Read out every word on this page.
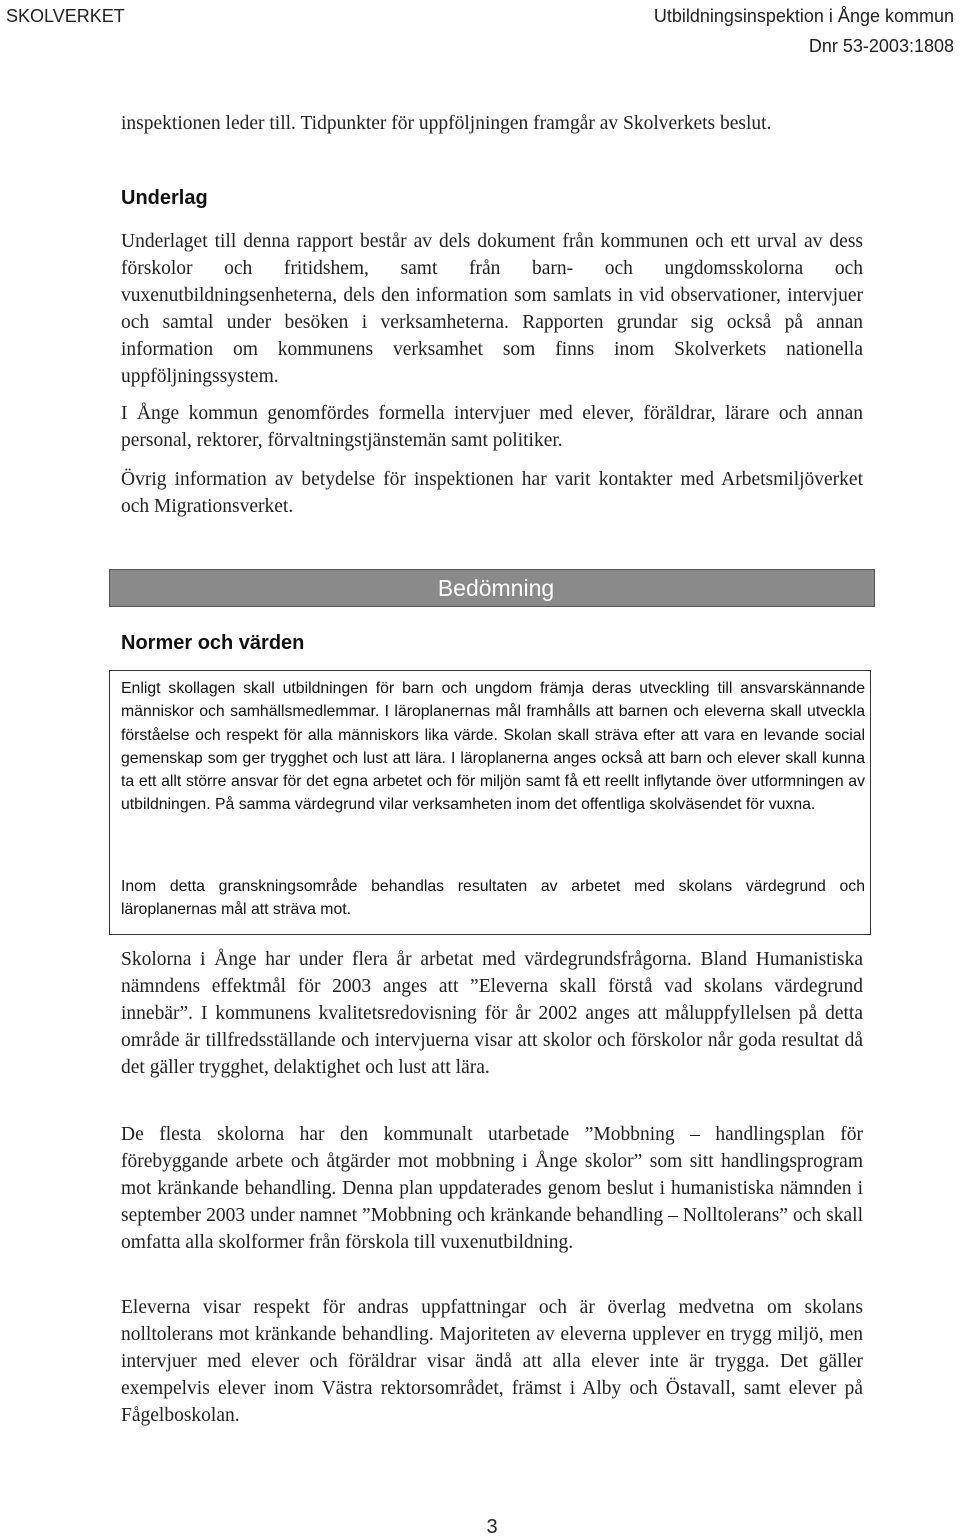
SKOLVERKET	Utbildningsinspektion i Ånge kommun
Dnr 53-2003:1808

inspektionen leder till. Tidpunkter för uppföljningen framgår av Skolverkets beslut.

Underlag

Underlaget till denna rapport består av dels dokument från kommunen och ett urval av dess förskolor och fritidshem, samt från barn- och ungdomsskolorna och vuxenutbildningsenheterna, dels den information som samlats in vid observationer, intervjuer och samtal under besöken i verksamheterna. Rapporten grundar sig också på annan information om kommunens verksamhet som finns inom Skolverkets nationella uppföljningssystem.

I Ånge kommun genomfördes formella intervjuer med elever, föräldrar, lärare och annan personal, rektorer, förvaltningstjänstemän samt politiker.

Övrig information av betydelse för inspektionen har varit kontakter med Arbetsmiljöverket och Migrationsverket.

Bedömning
Normer och värden

Enligt skollagen skall utbildningen för barn och ungdom främja deras utveckling till ansvarskännande människor och samhällsmedlemmar. I läroplanernas mål framhålls att barnen och eleverna skall utveckla förståelse och respekt för alla människors lika värde. Skolan skall sträva efter att vara en levande social gemenskap som ger trygghet och lust att lära. I läroplanerna anges också att barn och elever skall kunna ta ett allt större ansvar för det egna arbetet och för miljön samt få ett reellt inflytande över utformningen av utbildningen. På samma värdegrund vilar verksamheten inom det offentliga skolväsendet för vuxna.

Inom detta granskningsområde behandlas resultaten av arbetet med skolans värdegrund och läroplanernas mål att sträva mot.

Skolorna i Ånge har under flera år arbetat med värdegrundsfrågorna. Bland Humanistiska nämndens effektmål för 2003 anges att ”Eleverna skall förstå vad skolans värdegrund innebär”. I kommunens kvalitetsredovisning för år 2002 anges att måluppfyllelsen på detta område är tillfredsställande och intervjuerna visar att skolor och förskolor når goda resultat då det gäller trygghet, delaktighet och lust att lära.

De flesta skolorna har den kommunalt utarbetade ”Mobbning – handlingsplan för förebyggande arbete och åtgärder mot mobbning i Ånge skolor” som sitt handlingsprogram mot kränkande behandling. Denna plan uppdaterades genom beslut i humanistiska nämnden i september 2003 under namnet ”Mobbning och kränkande behandling – Nolltolerans” och skall omfatta alla skolformer från förskola till vuxenutbildning.

Eleverna visar respekt för andras uppfattningar och är överlag medvetna om skolans nolltolerans mot kränkande behandling. Majoriteten av eleverna upplever en trygg miljö, men intervjuer med elever och föräldrar visar ändå att alla elever inte är trygga. Det gäller exempelvis elever inom Västra rektorsområdet, främst i Alby och Östavall, samt elever på Fågelboskolan.

3
